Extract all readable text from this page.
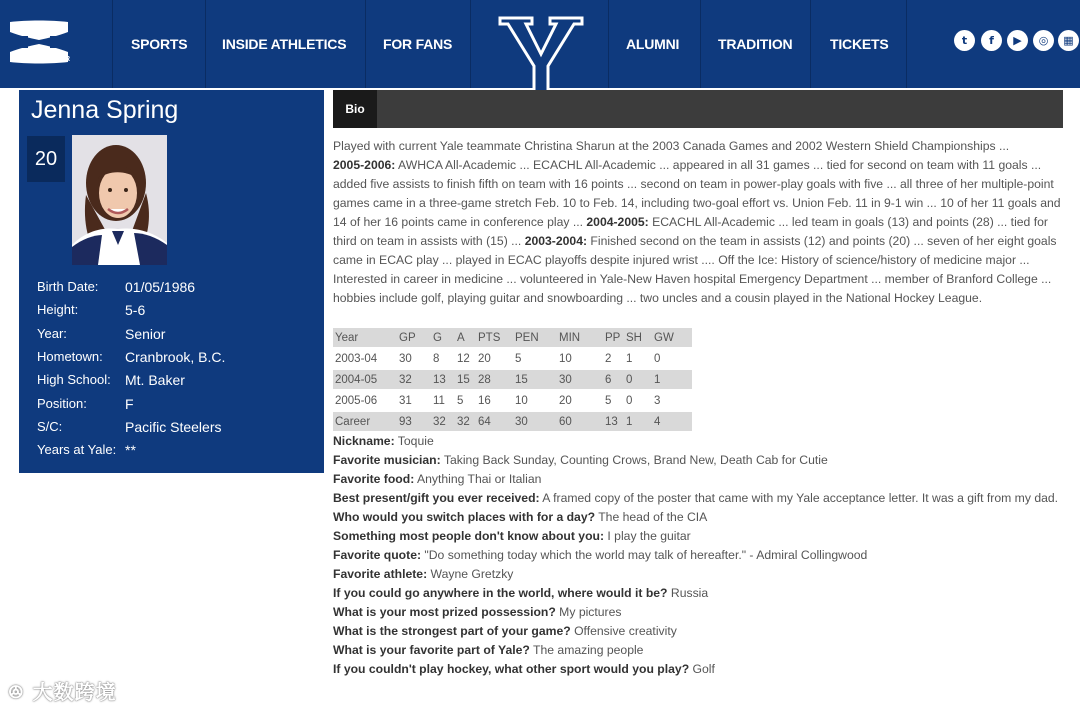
UNDER ARMOUR
SPORTS INSIDE ATHLETICS	FOR FANS	ALUMNI	TRADITION	TICKETS	t	f	▶	◎	▦
Jenna Spring
20
Birth Date: 01/05/1986
Height:	5-6
Year:	Senior
Hometown: Cranbrook, B.C.
High School: Mt. Baker
Position:	F
S/C:	Pacific Steelers
Years at Yale: **
Bio
Played with current Yale teammate Christina Sharun at the 2003 Canada Games and 2002 Western Shield Championships ...
2005-2006: AWHCA All-Academic ... ECACHL All-Academic ... appeared in all 31 games ... tied for second on team with 11 goals ... added five assists to finish fifth on team with 16 points ... second on team in power-play goals with five ... all three of her multiple-point games came in a three-game stretch Feb. 10 to Feb. 14, including two-goal effort vs. Union Feb. 11 in 9-1 win ... 10 of her 11 goals and 14 of her 16 points came in conference play ... 2004-2005: ECACHL All-Academic ... led team in goals (13) and points (28) ... tied for third on team in assists with (15) ... 2003-2004: Finished second on the team in assists (12) and points (20) ... seven of her eight goals came in ECAC play ... played in ECAC playoffs despite injured wrist .... Off the Ice: History of science/history of medicine major ... Interested in career in medicine ... volunteered in Yale-New Haven hospital Emergency Department ... member of Branford College ... hobbies include golf, playing guitar and snowboarding ... two uncles and a cousin played in the National Hockey League.
Year	GP	G	A	PTS	PEN	MIN	PP	SH	GW

2003-04	30	8	12	20	5	10	2	1	0

2004-05	32	13	15	28	15	30	6	0	1

2005-06	31	11	5	16	10	20	5	0	3

Career	93	32	32	64	30	60	13	1	4
Nickname: Toquie
Favorite musician: Taking Back Sunday, Counting Crows, Brand New, Death Cab for Cutie
Favorite food: Anything Thai or Italian
Best present/gift you ever received: A framed copy of the poster that came with my Yale acceptance letter. It was a gift from my dad.
Who would you switch places with for a day? The head of the CIA
Something most people don't know about you: I play the guitar
Favorite quote: "Do something today which the world may talk of hereafter." - Admiral Collingwood
Favorite athlete: Wayne Gretzky
If you could go anywhere in the world, where would it be? Russia
What is your most prized possession? My pictures
What is the strongest part of your game? Offensive creativity
What is your favorite part of Yale? The amazing people
If you couldn't play hockey, what other sport would you play? Golf
ꔮ 大数跨境
